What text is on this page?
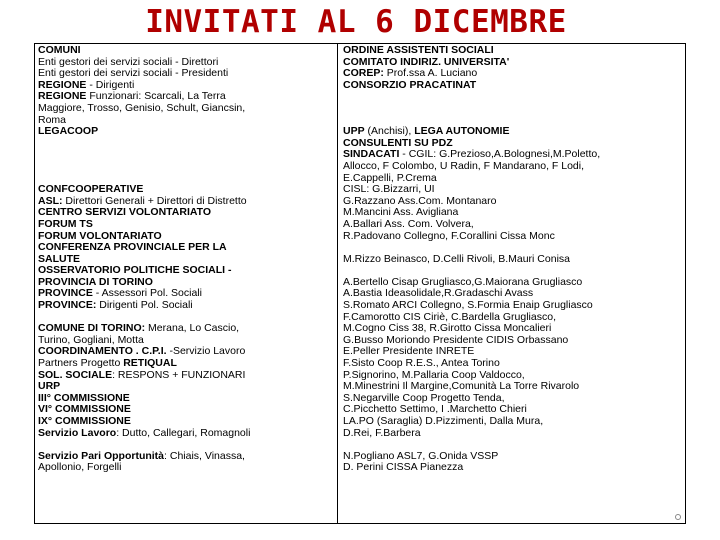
INVITATI AL 6 DICEMBRE
COMUNI
Enti gestori dei servizi sociali - Direttori
Enti gestori dei servizi sociali - Presidenti
REGIONE - Dirigenti
REGIONE Funzionari: Scarcali, La Terra
Maggiore, Trosso, Genisio, Schult, Giancsin,
Roma
LEGACOOP
CONFCOOPERATIVE
ASL: Direttori Generali + Direttori di Distretto
CENTRO SERVIZI VOLONTARIATO
FORUM TS
FORUM VOLONTARIATO
CONFERENZA PROVINCIALE PER LA
SALUTE
OSSERVATORIO POLITICHE SOCIALI -
PROVINCIA DI TORINO
PROVINCE - Assessori Pol. Sociali
PROVINCE: Dirigenti Pol. Sociali
COMUNE DI TORINO: Merana, Lo Cascio,
Turino, Gogliani, Motta
COORDINAMENTO . C.P.I. -Servizio Lavoro
Partners Progetto RETIQUAL
SOL. SOCIALE: RESPONS + FUNZIONARI
URP
III° COMMISSIONE
VI° COMMISSIONE
IX° COMMISSIONE
Servizio Lavoro: Dutto, Callegari, Romagnoli
Servizio Pari Opportunità: Chiais, Vinassa,
Apollonio, Forgelli
ORDINE ASSISTENTI SOCIALI
COMITATO INDIRIZ. UNIVERSITA'
COREP: Prof.ssa A. Luciano
CONSORZIO PRACATINAT
UPP (Anchisi), LEGA AUTONOMIE
CONSULENTI SU PDZ
SINDACATI - CGIL: G.Prezioso,A.Bolognesi,M.Poletto,
Allocco, F Colombo, U Radin, F Mandarano, F Lodi,
E.Cappelli, P.Crema
CISL: G.Bizzarri, UI
G.Razzano Ass.Com. Montanaro
M.Mancini Ass. Avigliana
A.Ballari Ass. Com. Volvera,
R.Padovano Collegno, F.Corallini Cissa Monc
M.Rizzo Beinasco, D.Celli Rivoli, B.Mauri Conisa
A.Bertello Cisap Grugliasco,G.Maiorana Grugliasco
A.Bastia Ideasolidale,R.Gradaschi Avass
S.Romato ARCI Collegno, S.Formia Enaip Grugliasco
F.Camorotto CIS Ciriè, C.Bardella Grugliasco,
M.Cogno Ciss 38, R.Girotto Cissa Moncalieri
G.Busso Moriondo Presidente CIDIS Orbassano
E.Peller Presidente INRETE
F.Sisto Coop R.E.S., Antea Torino
P.Signorino, M.Pallaria Coop Valdocco,
M.Minestrini Il Margine,Comunità La Torre Rivarolo
S.Negarville Coop Progetto Tenda,
C.Picchetto Settimo, I .Marchetto Chieri
LA.PO (Saraglia) D.Pizzimenti, Dalla Mura,
D.Rei, F.Barbera
N.Pogliano ASL7, G.Onida VSSP
D. Perini CISSA Pianezza
